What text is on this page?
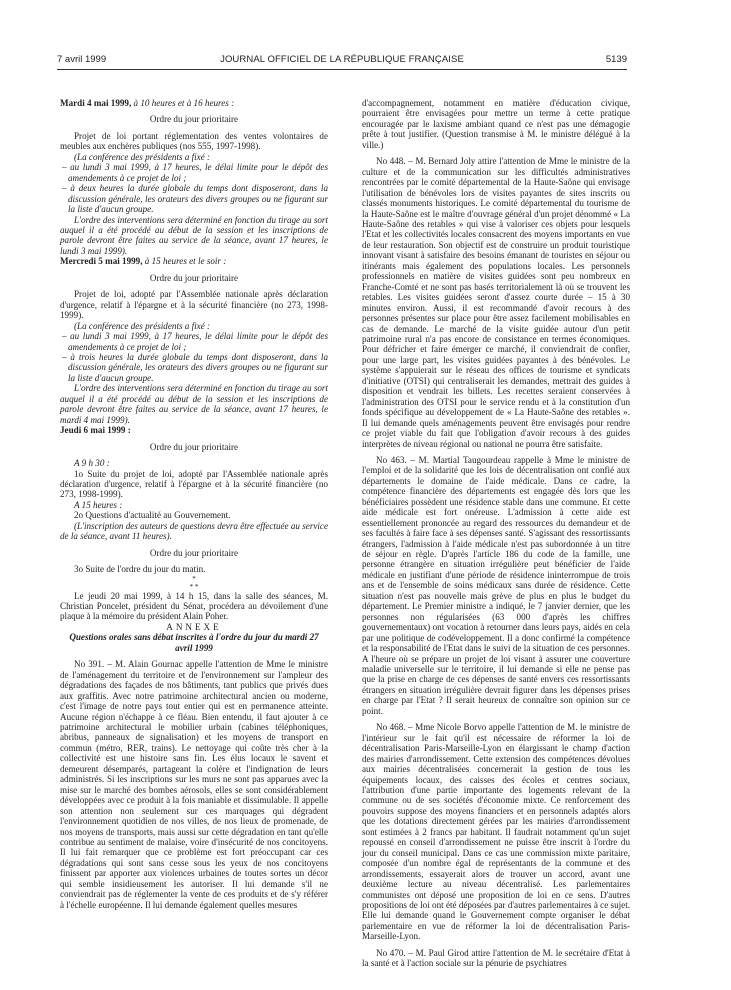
7 avril 1999	JOURNAL OFFICIEL DE LA RÉPUBLIQUE FRANÇAISE	5139

Mardi 4 mai 1999, à 10 heures et à 16 heures :

Ordre du jour prioritaire

Projet de loi portant réglementation des ventes volontaires de meubles aux enchères publiques (nos 555, 1997-1998).

(La conférence des présidents a fixé :

– au lundi 3 mai 1999, à 17 heures, le délai limite pour le dépôt des amendements à ce projet de loi ;

– à deux heures la durée globale du temps dont disposeront, dans la discussion générale, les orateurs des divers groupes ou ne figurant sur la liste d'aucun groupe.

L'ordre des interventions sera déterminé en fonction du tirage au sort auquel il a été procédé au début de la session et les inscriptions de parole devront être faites au service de la séance, avant 17 heures, le lundi 3 mai 1999).

Mercredi 5 mai 1999, à 15 heures et le soir :

Ordre du jour prioritaire

Projet de loi, adopté par l'Assemblée nationale après déclaration d'urgence, relatif à l'épargne et à la sécurité financière (no 273, 1998-1999).

(La conférence des présidents a fixé :

– au lundi 3 mai 1999, à 17 heures, le délai limite pour le dépôt des amendements à ce projet de loi ;

– à trois heures la durée globale du temps dont disposeront, dans la discussion générale, les orateurs des divers groupes ou ne figurant sur la liste d'aucun groupe.

L'ordre des interventions sera déterminé en fonction du tirage au sort auquel il a été procédé au début de la session et les inscriptions de parole devront être faites au service de la séance, avant 17 heures, le mardi 4 mai 1999).

Jeudi 6 mai 1999 :

Ordre du jour prioritaire

A 9 h 30 :

1o Suite du projet de loi, adopté par l'Assemblée nationale après déclaration d'urgence, relatif à l'épargne et à la sécurité financière (no 273, 1998-1999).

A 15 heures :

2o Questions d'actualité au Gouvernement.

(L'inscription des auteurs de questions devra être effectuée au service de la séance, avant 11 heures).

Ordre du jour prioritaire

3o Suite de l'ordre du jour du matin.

*

* *

Le jeudi 20 mai 1999, à 14 h 15, dans la salle des séances, M. Christian Poncelet, président du Sénat, procédera au dévoilement d'une plaque à la mémoire du président Alain Poher.

ANNEXE

Questions orales sans débat inscrites à l'ordre du jour du mardi 27 avril 1999

No 391. – M. Alain Gournac appelle l'attention de Mme le ministre de l'aménagement du territoire et de l'environnement sur l'ampleur des dégradations des façades de nos bâtiments, tant publics que privés dues aux graffitis. Avec notre patrimoine architectural ancien ou moderne, c'est l'image de notre pays tout entier qui est en permanence atteinte. Aucune région n'échappe à ce fléau. Bien entendu, il faut ajouter à ce patrimoine architectural le mobilier urbain (cabines téléphoniques, abribus, panneaux de signalisation) et les moyens de transport en commun (métro, RER, trains). Le nettoyage qui coûte très cher à la collectivité est une histoire sans fin. Les élus locaux le savent et demeurent désemparés, partageant la colère et l'indignation de leurs administrés. Si les inscriptions sur les murs ne sont pas apparues avec la mise sur le marché des bombes aérosols, elles se sont considérablement développées avec ce produit à la fois maniable et dissimulable. Il appelle son attention non seulement sur ces marquages qui dégradent l'environnement quotidien de nos villes, de nos lieux de promenade, de nos moyens de transports, mais aussi sur cette dégradation en tant qu'elle contribue au sentiment de malaise, voire d'insécurité de nos concitoyens. Il lui fait remarquer que ce problème est fort préoccupant car ces dégradations qui sont sans cesse sous les yeux de nos concitoyens finissent par apporter aux violences urbaines de toutes sortes un décor qui semble insidieusement les autoriser. Il lui demande s'il ne conviendrait pas de réglementer la vente de ces produits et de s'y référer à l'échelle européenne. Il lui demande également quelles mesures

d'accompagnement, notamment en matière d'éducation civique, pourraient être envisagées pour mettre un terme à cette pratique encouragée par le laxisme ambiant quand ce n'est pas une démagogie prête à tout justifier. (Question transmise à M. le ministre délégué à la ville.)

No 448. – M. Bernard Joly attire l'attention de Mme le ministre de la culture et de la communication sur les difficultés administratives rencontrées par le comité départemental de la Haute-Saône qui envisage l'utilisation de bénévoles lors de visites payantes de sites inscrits ou classés monuments historiques. Le comité départemental du tourisme de la Haute-Saône est le maître d'ouvrage général d'un projet dénommé « La Haute-Saône des retables » qui vise à valoriser ces objets pour lesquels l'Etat et les collectivités locales consacrent des moyens importants en vue de leur restauration. Son objectif est de construire un produit touristique innovant visant à satisfaire des besoins émanant de touristes en séjour ou itinérants mais également des populations locales. Les personnels professionnels en matière de visites guidées sont peu nombreux en Franche-Comté et ne sont pas basés territorialement là où se trouvent les retables. Les visites guidées seront d'assez courte durée – 15 à 30 minutes environ. Aussi, il est recommandé d'avoir recours à des personnes présentes sur place pour être assez facilement mobilisables en cas de demande. Le marché de la visite guidée autour d'un petit patrimoine rural n'a pas encore de consistance en termes économiques. Pour défricher et faire émerger ce marché, il conviendrait de confier, pour une large part, les visites guidées payantes à des bénévoles. Le système s'appuierait sur le réseau des offices de tourisme et syndicats d'initiative (OTSI) qui centraliserait les demandes, mettrait des guides à disposition et vendrait les billets. Les recettes seraient conservées à l'administration des OTSI pour le service rendu et à la constitution d'un fonds spécifique au développement de « La Haute-Saône des retables ». Il lui demande quels aménagements peuvent être envisagés pour rendre ce projet viable du fait que l'obligation d'avoir recours à des guides interprètes de niveau régional ou national ne pourra être satisfaite.

No 463. – M. Martial Taugourdeau rappelle à Mme le ministre de l'emploi et de la solidarité que les lois de décentralisation ont confié aux départements le domaine de l'aide médicale. Dans ce cadre, la compétence financière des départements est engagée dès lors que les bénéficiaires possèdent une résidence stable dans une commune. Et cette aide médicale est fort onéreuse. L'admission à cette aide est essentiellement prononcée au regard des ressources du demandeur et de ses facultés à faire face à ses dépenses santé. S'agissant des ressortissants étrangers, l'admission à l'aide médicale n'est pas subordonnée à un titre de séjour en règle. D'après l'article 186 du code de la famille, une personne étrangère en situation irrégulière peut bénéficier de l'aide médicale en justifiant d'une période de résidence ininterrompue de trois ans et de l'ensemble de soins médicaux sans durée de résidence. Cette situation n'est pas nouvelle mais grève de plus en plus le budget du département. Le Premier ministre a indiqué, le 7 janvier dernier, que les personnes non régularisées (63 000 d'après les chiffres gouvernementaux) ont vocation à retourner dans leurs pays, aidés en cela par une politique de codéveloppement. Il a donc confirmé la compétence et la responsabilité de l'Etat dans le suivi de la situation de ces personnes. A l'heure où se prépare un projet de loi visant à assurer une couverture maladie universelle sur le territoire, il lui demande si elle ne pense pas que la prise en charge de ces dépenses de santé envers ces ressortissants étrangers en situation irrégulière devrait figurer dans les dépenses prises en charge par l'Etat ? Il serait heureux de connaître son opinion sur ce point.

No 468. – Mme Nicole Borvo appelle l'attention de M. le ministre de l'intérieur sur le fait qu'il est nécessaire de réformer la loi de décentralisation Paris-Marseille-Lyon en élargissant le champ d'action des mairies d'arrondissement. Cette extension des compétences dévolues aux mairies décentralisées concernerait la gestion de tous les équipements locaux, des caisses des écoles et centres sociaux, l'attribution d'une partie importante des logements relevant de la commune ou de ses sociétés d'économie mixte. Ce renforcement des pouvoirs suppose des moyens financiers et en personnels adaptés alors que les dotations directement gérées par les mairies d'arrondissement sont estimées à 2 francs par habitant. Il faudrait notamment qu'un sujet repoussé en conseil d'arrondissement ne puisse être inscrit à l'ordre du jour du conseil municipal. Dans ce cas une commission mixte paritaire, composée d'un nombre égal de représentants de la commune et des arrondissements, essayerait alors de trouver un accord, avant une deuxième lecture au niveau décentralisé. Les parlementaires communistes ont déposé une proposition de loi en ce sens. D'autres propositions de loi ont été déposées par d'autres parlementaires à ce sujet. Elle lui demande quand le Gouvernement compte organiser le débat parlementaire en vue de réformer la loi de décentralisation Paris-Marseille-Lyon.

No 470. – M. Paul Girod attire l'attention de M. le secrétaire d'Etat à la santé et à l'action sociale sur la pénurie de psychiatres
